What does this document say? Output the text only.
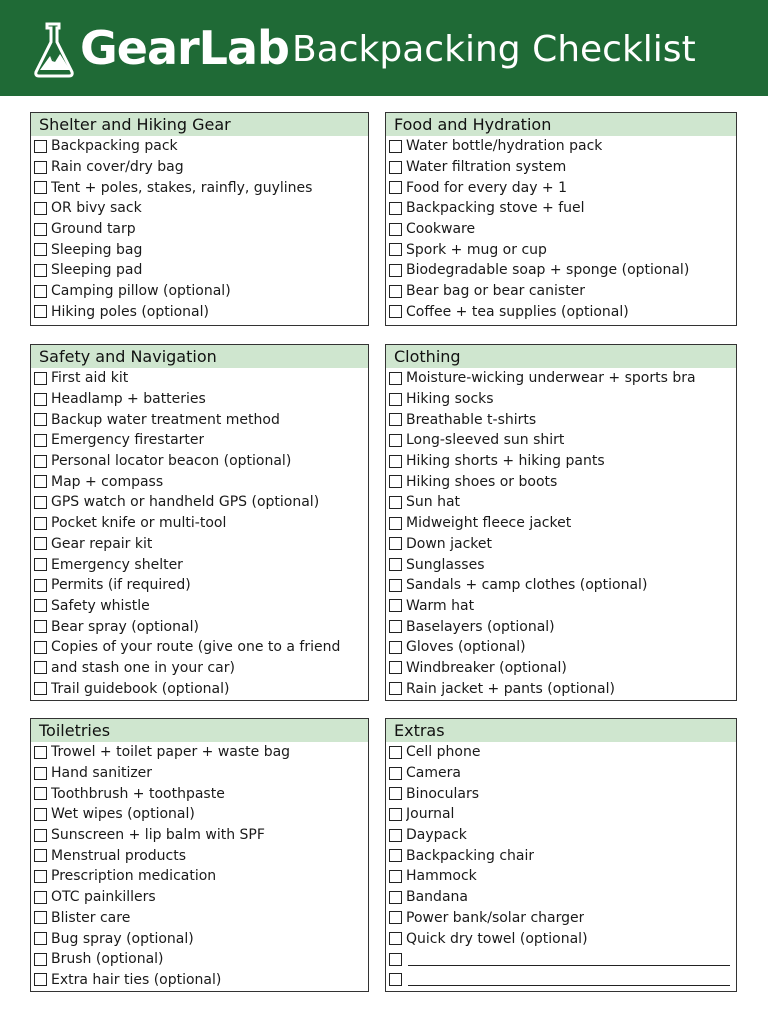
GearLab Backpacking Checklist
Shelter and Hiking Gear
Backpacking pack
Rain cover/dry bag
Tent + poles, stakes, rainfly, guylines
OR bivy sack
Ground tarp
Sleeping bag
Sleeping pad
Camping pillow (optional)
Hiking poles (optional)
Food and Hydration
Water bottle/hydration pack
Water filtration system
Food for every day + 1
Backpacking stove + fuel
Cookware
Spork + mug or cup
Biodegradable soap + sponge (optional)
Bear bag or bear canister
Coffee + tea supplies (optional)
Safety and Navigation
First aid kit
Headlamp + batteries
Backup water treatment method
Emergency firestarter
Personal locator beacon (optional)
Map + compass
GPS watch or handheld GPS (optional)
Pocket knife or multi-tool
Gear repair kit
Emergency shelter
Permits (if required)
Safety whistle
Bear spray (optional)
Copies of your route (give one to a friend
and stash one in your car)
Trail guidebook (optional)
Clothing
Moisture-wicking underwear + sports bra
Hiking socks
Breathable t-shirts
Long-sleeved sun shirt
Hiking shorts + hiking pants
Hiking shoes or boots
Sun hat
Midweight fleece jacket
Down jacket
Sunglasses
Sandals + camp clothes (optional)
Warm hat
Baselayers (optional)
Gloves (optional)
Windbreaker (optional)
Rain jacket + pants (optional)
Toiletries
Trowel + toilet paper + waste bag
Hand sanitizer
Toothbrush + toothpaste
Wet wipes (optional)
Sunscreen + lip balm with SPF
Menstrual products
Prescription medication
OTC painkillers
Blister care
Bug spray (optional)
Brush (optional)
Extra hair ties (optional)
Extras
Cell phone
Camera
Binoculars
Journal
Daypack
Backpacking chair
Hammock
Bandana
Power bank/solar charger
Quick dry towel (optional)
